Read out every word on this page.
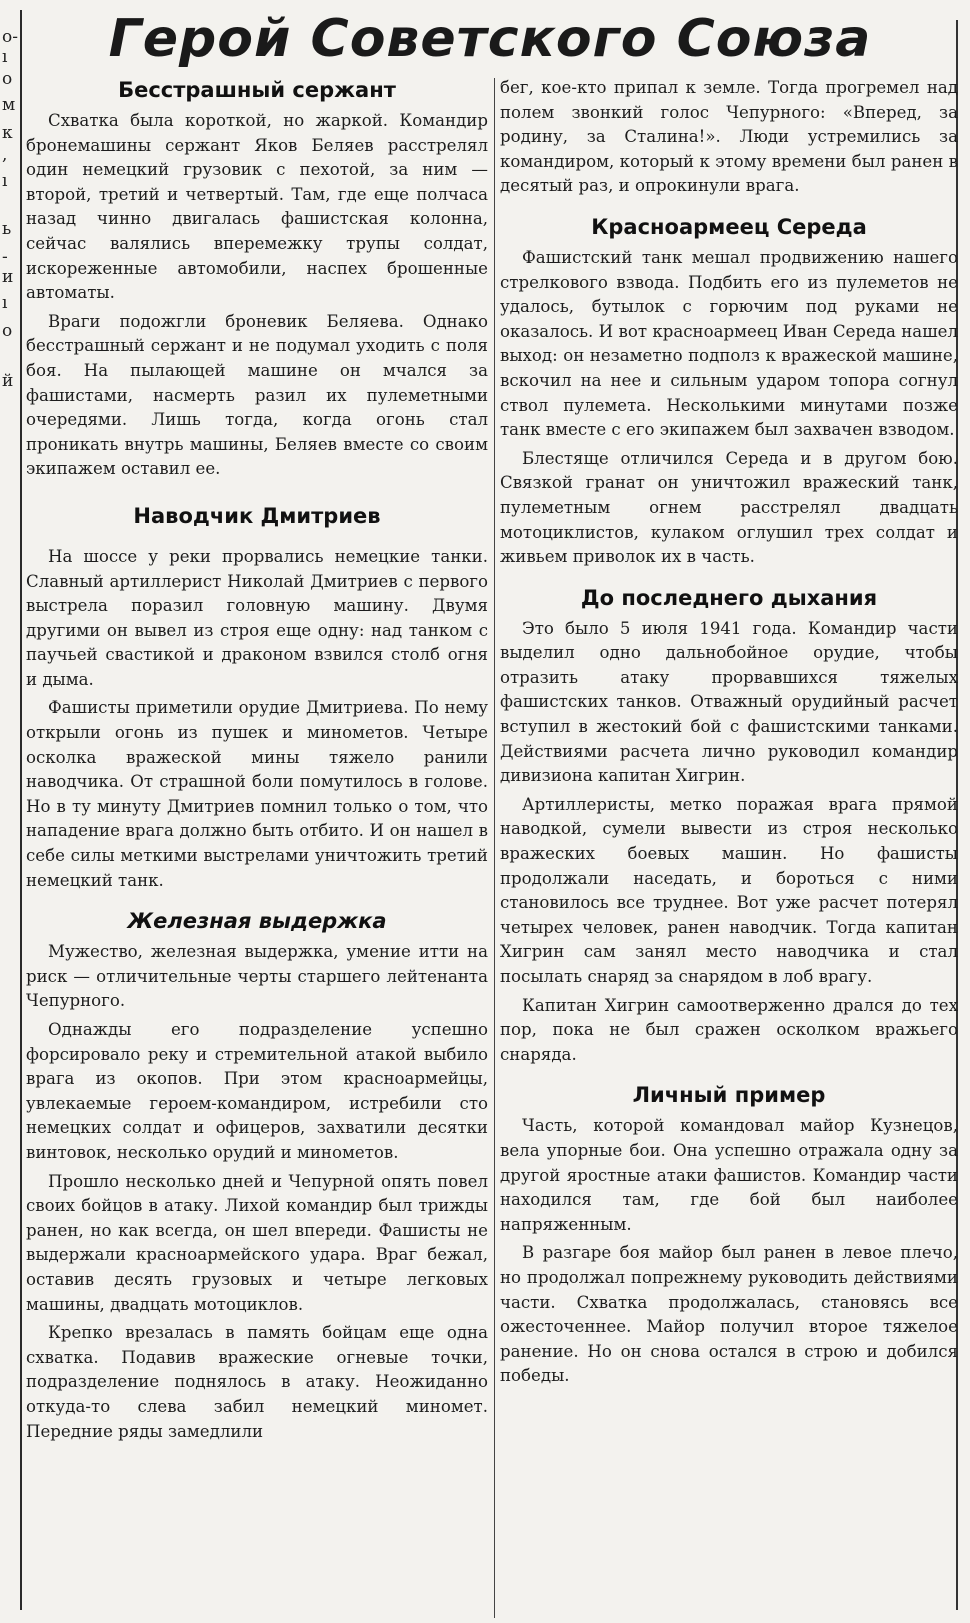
о-
ı
о
м
к
,
ı
ь
-
и
ı
о
й
Герой Советского Союза
Бесстрашный сержант

Схватка была короткой, но жаркой. Командир бронемашины сержант Яков Беляев расстрелял один немецкий грузовик с пехотой, за ним — второй, третий и четвертый. Там, где еще полчаса назад чинно двигалась фашистская колонна, сейчас валялись вперемежку трупы солдат, искореженные автомобили, наспех брошенные автоматы.

Враги подожгли броневик Беляева. Однако бесстрашный сержант и не подумал уходить с поля боя. На пылающей машине он мчался за фашистами, насмерть разил их пулеметными очередями. Лишь тогда, когда огонь стал проникать внутрь машины, Беляев вместе со своим экипажем оставил ее.

Наводчик Дмитриев

На шоссе у реки прорвались немецкие танки. Славный артиллерист Николай Дмитриев с первого выстрела поразил головную машину. Двумя другими он вывел из строя еще одну: над танком с паучьей свастикой и драконом взвился столб огня и дыма.

Фашисты приметили орудие Дмитриева. По нему открыли огонь из пушек и минометов. Четыре осколка вражеской мины тяжело ранили наводчика. От страшной боли помутилось в голове. Но в ту минуту Дмитриев помнил только о том, что нападение врага должно быть отбито. И он нашел в себе силы меткими выстрелами уничтожить третий немецкий танк.

Железная выдержка

Мужество, железная выдержка, умение итти на риск — отличительные черты старшего лейтенанта Чепурного.

Однажды его подразделение успешно форсировало реку и стремительной атакой выбило врага из окопов. При этом красноармейцы, увлекаемые героем-командиром, истребили сто немецких солдат и офицеров, захватили десятки винтовок, несколько орудий и минометов.

Прошло несколько дней и Чепурной опять повел своих бойцов в атаку. Лихой командир был трижды ранен, но как всегда, он шел впереди. Фашисты не выдержали красноармейского удара. Враг бежал, оставив десять грузовых и четыре легковых машины, двадцать мотоциклов.

Крепко врезалась в память бойцам еще одна схватка. Подавив вражеские огневые точки, подразделение поднялось в атаку. Неожиданно откуда-то слева забил немецкий миномет. Передние ряды замедлили

бег, кое-кто припал к земле. Тогда прогремел над полем звонкий голос Чепурного: «Вперед, за родину, за Сталина!». Люди устремились за командиром, который к этому времени был ранен в десятый раз, и опрокинули врага.

Красноармеец Середа

Фашистский танк мешал продвижению нашего стрелкового взвода. Подбить его из пулеметов не удалось, бутылок с горючим под руками не оказалось. И вот красноармеец Иван Середа нашел выход: он незаметно подполз к вражеской машине, вскочил на нее и сильным ударом топора согнул ствол пулемета. Несколькими минутами позже танк вместе с его экипажем был захвачен взводом.

Блестяще отличился Середа и в другом бою. Связкой гранат он уничтожил вражеский танк, пулеметным огнем расстрелял двадцать мотоциклистов, кулаком оглушил трех солдат и живьем приволок их в часть.

До последнего дыхания

Это было 5 июля 1941 года. Командир части выделил одно дальнобойное орудие, чтобы отразить атаку прорвавшихся тяжелых фашистских танков. Отважный орудийный расчет вступил в жестокий бой с фашистскими танками. Действиями расчета лично руководил командир дивизиона капитан Хигрин.

Артиллеристы, метко поражая врага прямой наводкой, сумели вывести из строя несколько вражеских боевых машин. Но фашисты продолжали наседать, и бороться с ними становилось все труднее. Вот уже расчет потерял четырех человек, ранен наводчик. Тогда капитан Хигрин сам занял место наводчика и стал посылать снаряд за снарядом в лоб врагу.

Капитан Хигрин самоотверженно дрался до тех пор, пока не был сражен осколком вражьего снаряда.

Личный пример

Часть, которой командовал майор Кузнецов, вела упорные бои. Она успешно отражала одну за другой яростные атаки фашистов. Командир части находился там, где бой был наиболее напряженным.

В разгаре боя майор был ранен в левое плечо, но продолжал попрежнему руководить действиями части. Схватка продолжалась, становясь все ожесточеннее. Майор получил второе тяжелое ранение. Но он снова остался в строю и добился победы.
